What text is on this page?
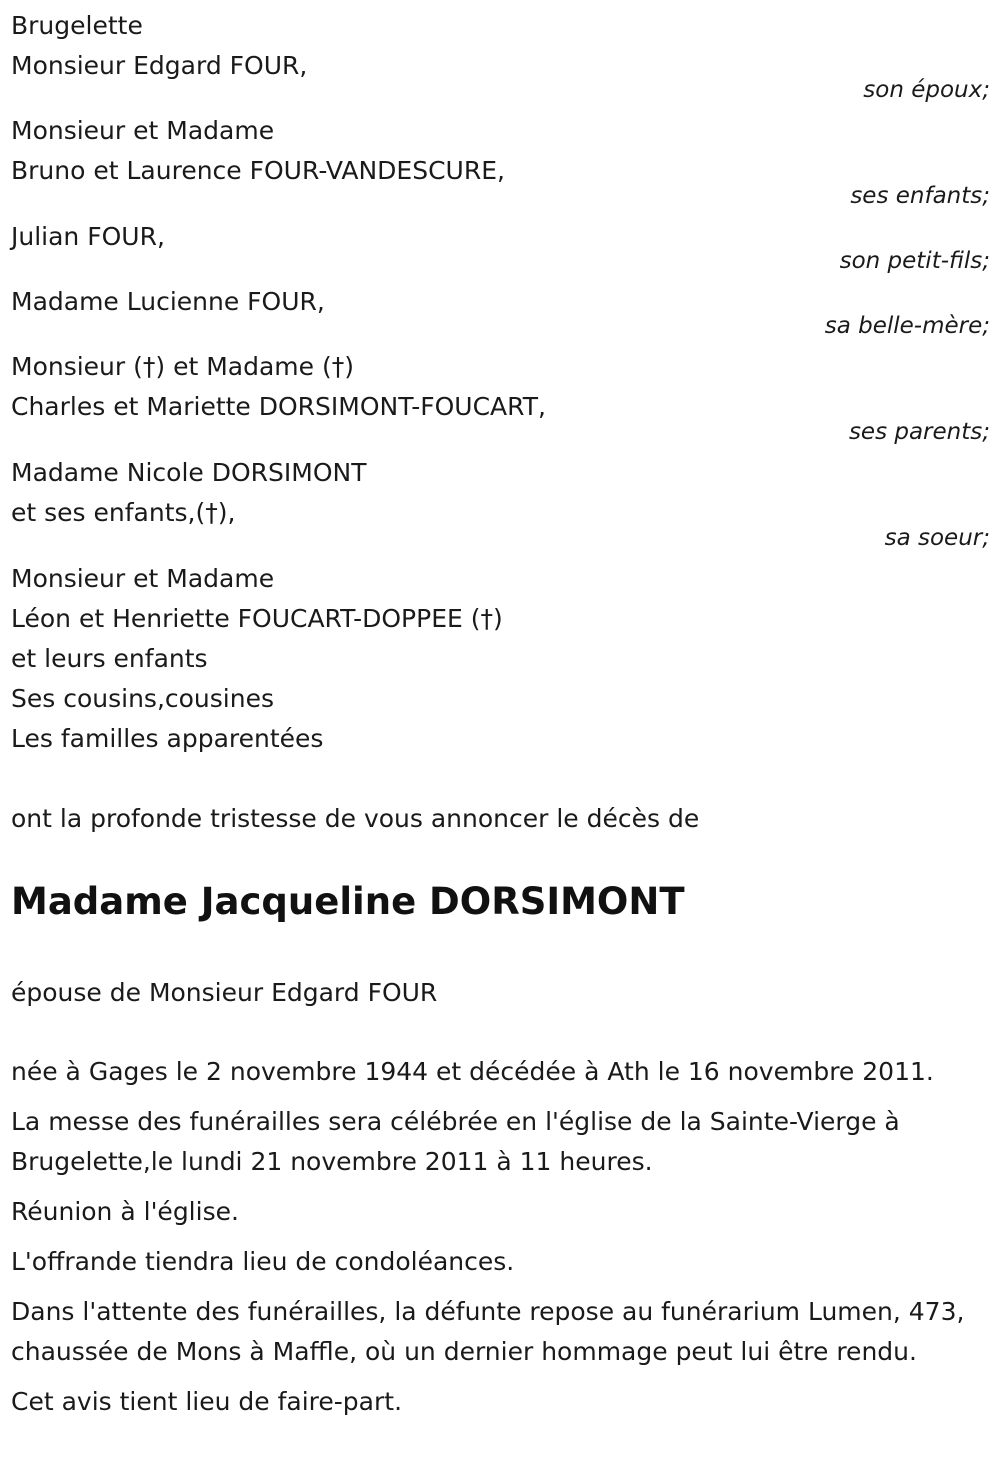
Brugelette
Monsieur Edgard FOUR,
son époux;
Monsieur et Madame
Bruno et Laurence FOUR-VANDESCURE,
ses enfants;
Julian FOUR,
son petit-fils;
Madame Lucienne FOUR,
sa belle-mère;
Monsieur (†) et Madame (†)
Charles et Mariette DORSIMONT-FOUCART,
ses parents;
Madame Nicole DORSIMONT
et ses enfants,(†),
sa soeur;
Monsieur et Madame
Léon et Henriette FOUCART-DOPPEE (†)
et leurs enfants
Ses cousins,cousines
Les familles apparentées
ont la profonde tristesse de vous annoncer le décès de
Madame Jacqueline DORSIMONT
épouse de Monsieur Edgard FOUR
née à Gages le 2 novembre 1944 et décédée à Ath le 16 novembre 2011.
La messe des funérailles sera célébrée en l'église de la Sainte-Vierge à Brugelette,le lundi 21 novembre 2011 à 11 heures.
Réunion à l'église.
L'offrande tiendra lieu de condoléances.
Dans l'attente des funérailles, la défunte repose au funérarium Lumen, 473, chaussée de Mons à Maffle, où un dernier hommage peut lui être rendu.
Cet avis tient lieu de faire-part.
